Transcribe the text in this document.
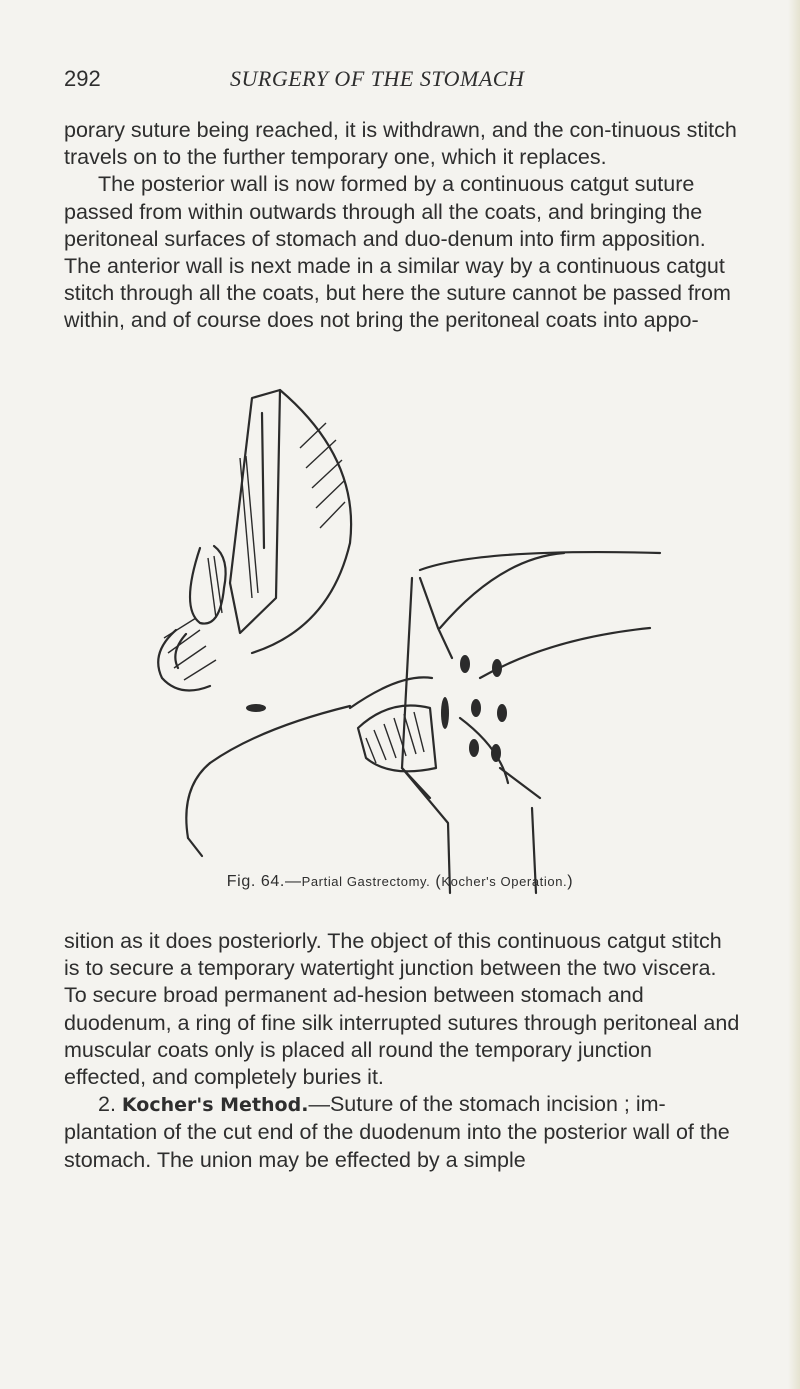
292	SURGERY OF THE STOMACH

porary suture being reached, it is withdrawn, and the con-tinuous stitch travels on to the further temporary one, which it replaces.

The posterior wall is now formed by a continuous catgut suture passed from within outwards through all the coats, and bringing the peritoneal surfaces of stomach and duo-denum into firm apposition. The anterior wall is next made in a similar way by a continuous catgut stitch through all the coats, but here the suture cannot be passed from within, and of course does not bring the peritoneal coats into appo-

Fig. 64.—Partial Gastrectomy. (Kocher's Operation.)

sition as it does posteriorly. The object of this continuous catgut stitch is to secure a temporary watertight junction between the two viscera. To secure broad permanent ad-hesion between stomach and duodenum, a ring of fine silk interrupted sutures through peritoneal and muscular coats only is placed all round the temporary junction effected, and completely buries it.

2. Kocher's Method.—Suture of the stomach incision ; im-plantation of the cut end of the duodenum into the posterior wall of the stomach. The union may be effected by a simple
